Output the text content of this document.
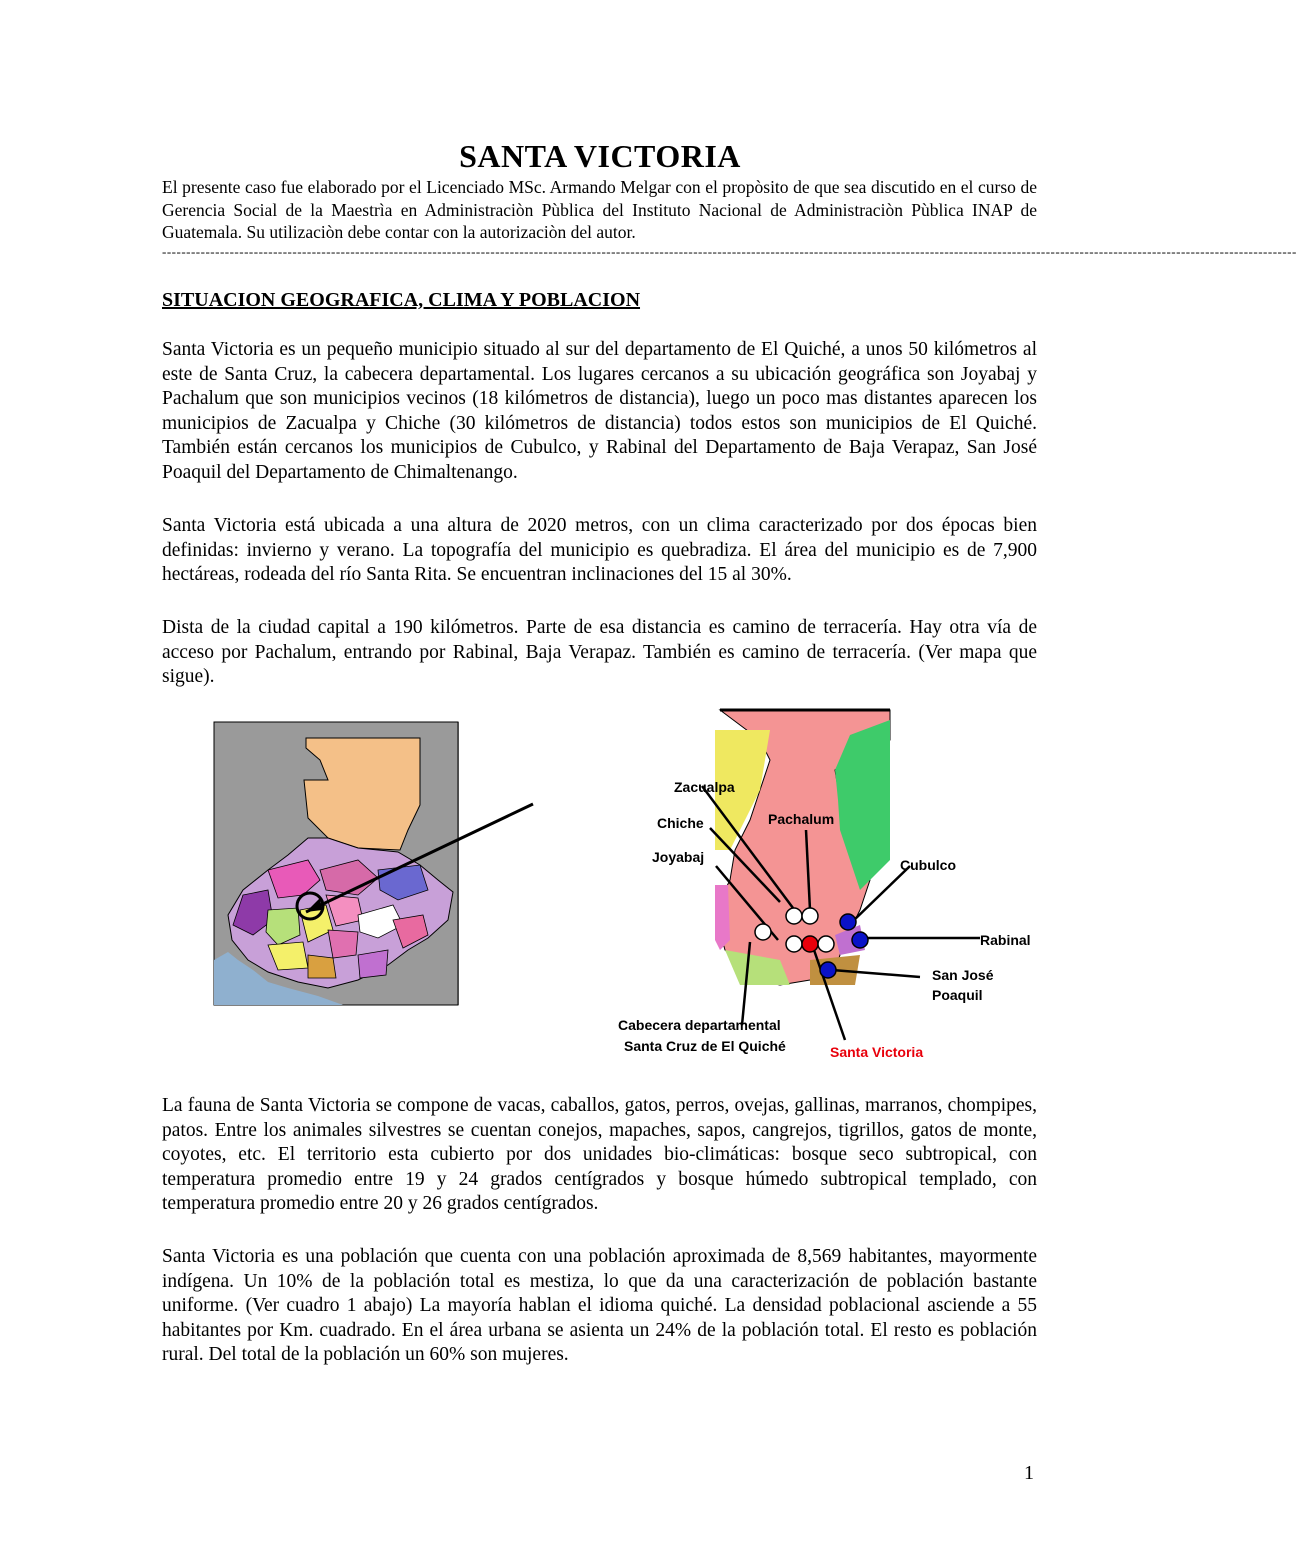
SANTA VICTORIA
El presente caso fue elaborado por el Licenciado MSc. Armando Melgar con el propòsito de que sea discutido en el curso de Gerencia Social de la Maestrìa en Administraciòn Pùblica del Instituto Nacional de Administraciòn Pùblica INAP de Guatemala. Su utilizaciòn debe contar con la autorizaciòn del autor.
-------------------------------------------------------------------------------------------------------------------------------------------------------------------------------------------------------------------------------------------
SITUACION GEOGRAFICA, CLIMA Y POBLACION

Santa Victoria es un pequeño municipio situado al sur del departamento de El Quiché, a unos 50 kilómetros al este de Santa Cruz, la cabecera departamental. Los lugares cercanos a su ubicación geográfica son Joyabaj y Pachalum que son municipios vecinos (18 kilómetros de distancia), luego un poco mas distantes aparecen los municipios de Zacualpa y Chiche (30 kilómetros de distancia) todos estos son municipios de El Quiché. También están cercanos los municipios de Cubulco, y Rabinal del Departamento de Baja Verapaz, San José Poaquil del Departamento de Chimaltenango.

Santa Victoria está ubicada a una altura de 2020 metros, con un clima caracterizado por dos épocas bien definidas: invierno y verano. La topografía del municipio es quebradiza. El área del municipio es de 7,900 hectáreas, rodeada del río Santa Rita. Se encuentran inclinaciones del 15 al 30%.

Dista de la ciudad capital a 190 kilómetros. Parte de esa distancia es camino de terracería. Hay otra vía de acceso por Pachalum, entrando por Rabinal, Baja Verapaz. También es camino de terracería. (Ver mapa que sigue).

Zacualpa
Chiche	Pachalum
Joyabaj	Cubulco
Rabinal
San José
Poaquil
Cabecera departamental
Santa Cruz de El Quiché	Santa Victoria

La fauna de Santa Victoria se compone de vacas, caballos, gatos, perros, ovejas, gallinas, marranos, chompipes, patos. Entre los animales silvestres se cuentan conejos, mapaches, sapos, cangrejos, tigrillos, gatos de monte, coyotes, etc. El territorio esta cubierto por dos unidades bio-climáticas: bosque seco subtropical, con temperatura promedio entre 19 y 24 grados centígrados y bosque húmedo subtropical templado, con temperatura promedio entre 20 y 26 grados centígrados.

Santa Victoria es una población que cuenta con una población aproximada de 8,569 habitantes, mayormente indígena. Un 10% de la población total es mestiza, lo que da una caracterización de población bastante uniforme. (Ver cuadro 1 abajo) La mayoría hablan el idioma quiché. La densidad poblacional asciende a 55 habitantes por Km. cuadrado. En el área urbana se asienta un 24% de la población total. El resto es población rural. Del total de la población un 60% son mujeres.

1
